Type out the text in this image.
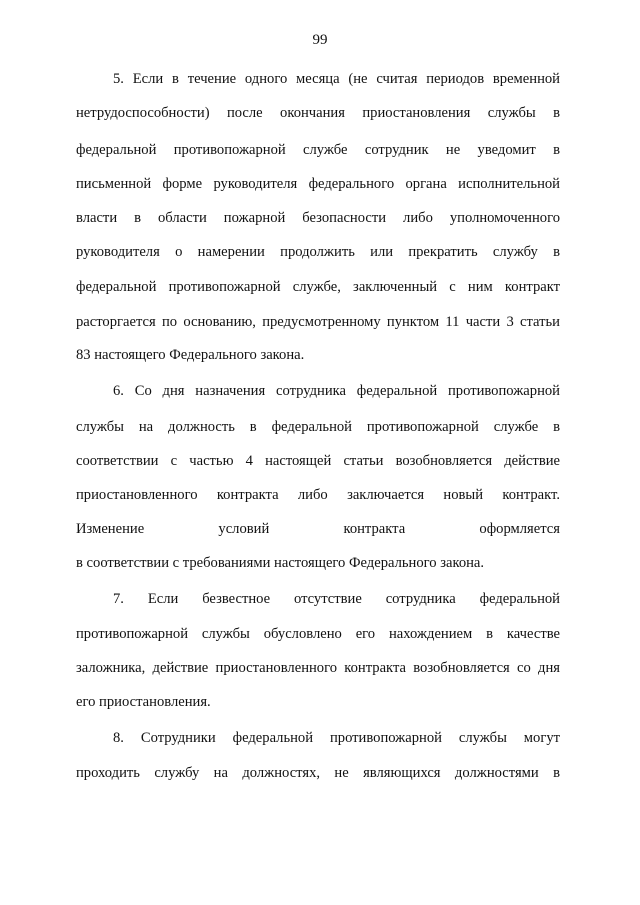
99
5. Если в течение одного месяца (не считая периодов временной
нетрудоспособности) после окончания приостановления службы в
федеральной противопожарной службе сотрудник не уведомит в
письменной форме руководителя федерального органа исполнительной
власти в области пожарной безопасности либо уполномоченного
руководителя о намерении продолжить или прекратить службу в
федеральной противопожарной службе, заключенный с ним контракт
расторгается по основанию, предусмотренному пунктом 11 части 3 статьи
83 настоящего Федерального закона.
6. Со дня назначения сотрудника федеральной противопожарной
службы на должность в федеральной противопожарной службе в
соответствии с частью 4 настоящей статьи возобновляется действие
приостановленного контракта либо заключается новый контракт.
Изменение условий контракта оформляется
в соответствии с требованиями настоящего Федерального закона.
7. Если безвестное отсутствие сотрудника федеральной
противопожарной службы обусловлено его нахождением в качестве
заложника, действие приостановленного контракта возобновляется со дня
его приостановления.
8. Сотрудники федеральной противопожарной службы могут
проходить службу на должностях, не являющихся должностями в
